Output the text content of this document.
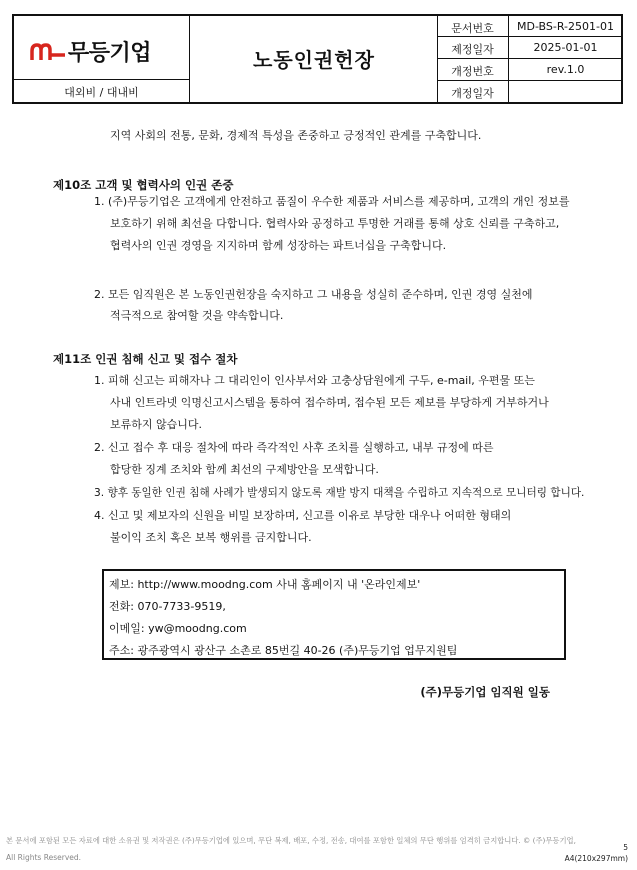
무등기업	노동인권헌장
대외비 / 대내비
문서번호	MD-BS-R-2501-01
제정일자	2025-01-01
개정번호	rev.1.0
개정일자
지역 사회의 전통, 문화, 경제적 특성을 존중하고 긍정적인 관계를 구축합니다.
제10조 고객 및 협력사의 인권 존중
1. (주)무등기업은 고객에게 안전하고 품질이 우수한 제품과 서비스를 제공하며, 고객의 개인 정보를
보호하기 위해 최선을 다합니다. 협력사와 공정하고 투명한 거래를 통해 상호 신뢰를 구축하고,
협력사의 인권 경영을 지지하며 함께 성장하는 파트너십을 구축합니다.
2. 모든 임직원은 본 노동인권헌장을 숙지하고 그 내용을 성실히 준수하며, 인권 경영 실천에
적극적으로 참여할 것을 약속합니다.
제11조 인권 침해 신고 및 접수 절차
1. 피해 신고는 피해자나 그 대리인이 인사부서와 고충상담원에게 구두, e-mail, 우편물 또는
사내 인트라넷 익명신고시스템을 통하여 접수하며, 접수된 모든 제보를 부당하게 거부하거나
보류하지 않습니다.
2. 신고 접수 후 대응 절차에 따라 즉각적인 사후 조치를 실행하고, 내부 규정에 따른
합당한 징계 조치와 함께 최선의 구제방안을 모색합니다.
3. 향후 동일한 인권 침해 사례가 발생되지 않도록 재발 방지 대책을 수립하고 지속적으로 모니터링 합니다.
4. 신고 및 제보자의 신원을 비밀 보장하며, 신고를 이유로 부당한 대우나 어떠한 형태의
불이익 조치 혹은 보복 행위를 금지합니다.
제보: http://www.moodng.com 사내 홈페이지 내 '온라인제보'
전화: 070-7733-9519,
이메일: yw@moodng.com
주소: 광주광역시 광산구 소촌로 85번길 40-26 (주)무등기업 업무지원팀
(주)무등기업 임직원 일동
본 문서에 포함된 모든 자료에 대한 소유권 및 저작권은 (주)무등기업에 있으며, 무단 복제, 배포, 수정, 전송, 대여를 포함한 일체의 무단 행위를 엄격히 금지합니다. © (주)무등기업,
All Rights Reserved.
5
A4(210x297mm)
